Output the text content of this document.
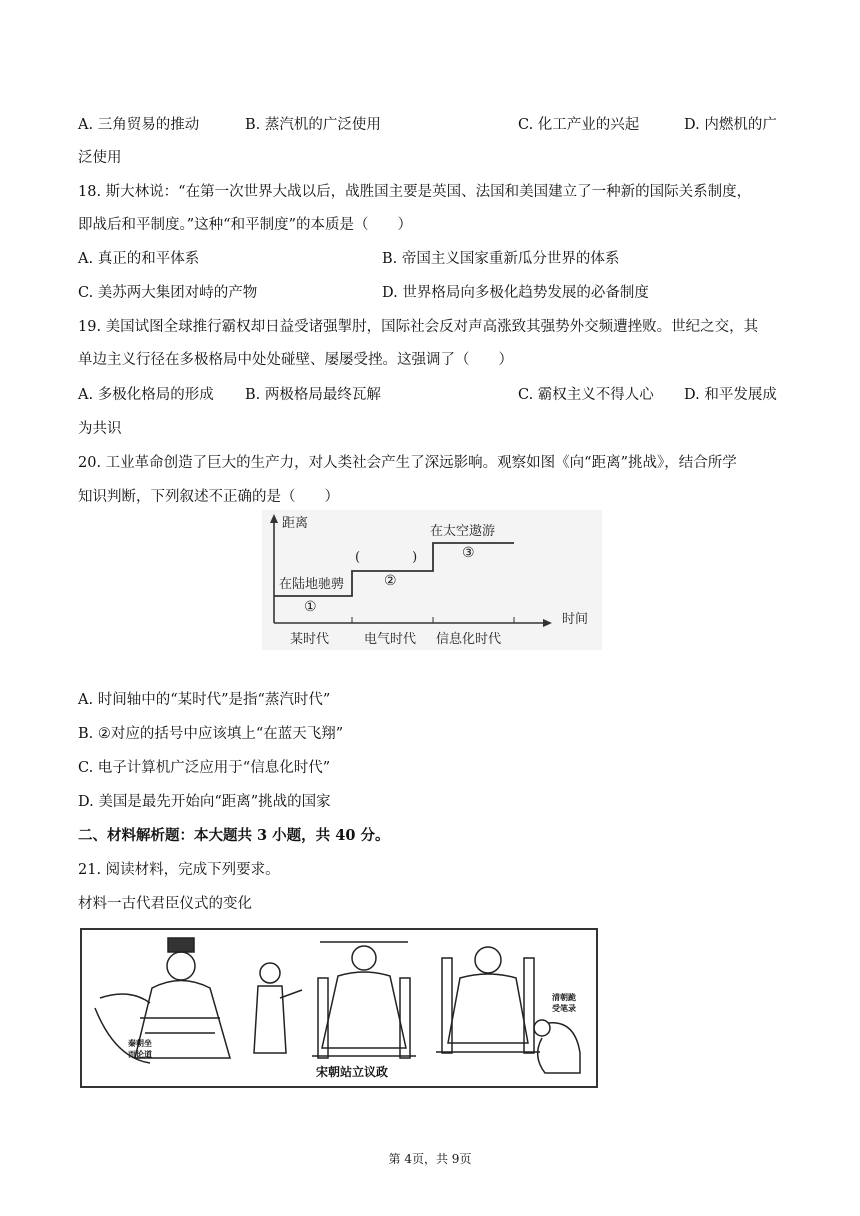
A. 三角贸易的推动	B. 蒸汽机的广泛使用	C. 化工产业的兴起	D. 内燃机的广
泛使用
18. 斯大林说：“在第一次世界大战以后，战胜国主要是英国、法国和美国建立了一种新的国际关系制度，
即战后和平制度。”这种“和平制度”的本质是（　　）
A. 真正的和平体系	B. 帝国主义国家重新瓜分世界的体系
C. 美苏两大集团对峙的产物	D. 世界格局向多极化趋势发展的必备制度
19. 美国试图全球推行霸权却日益受诸强掣肘，国际社会反对声高涨致其强势外交频遭挫败。世纪之交，其
单边主义行径在多极格局中处处碰壁、屡屡受挫。这强调了（　　）
A. 多极化格局的形成 B. 两极格局最终瓦解	C. 霸权主义不得人心 D. 和平发展成
为共识
20. 工业革命创造了巨大的生产力，对人类社会产生了深远影响。观察如图《向“距离”挑战》，结合所学
知识判断，下列叙述不正确的是（　　）
距离
时间
在陆地驰骋
①
(　　　　)
②
在太空遨游
③
某时代	电气时代 信息化时代
A. 时间轴中的“某时代”是指“蒸汽时代”
B. ②对应的括号中应该填上“在蓝天飞翔”
C. 电子计算机广泛应用于“信息化时代”
D. 美国是最先开始向“距离”挑战的国家
二、材料解析题：本大题共 3 小题，共 40 分。
21. 阅读材料，完成下列要求。
材料一古代君臣仪式的变化
秦朝坐
而论道
宋朝站立议政
清朝跪
受笔录
第 4页，共 9页
